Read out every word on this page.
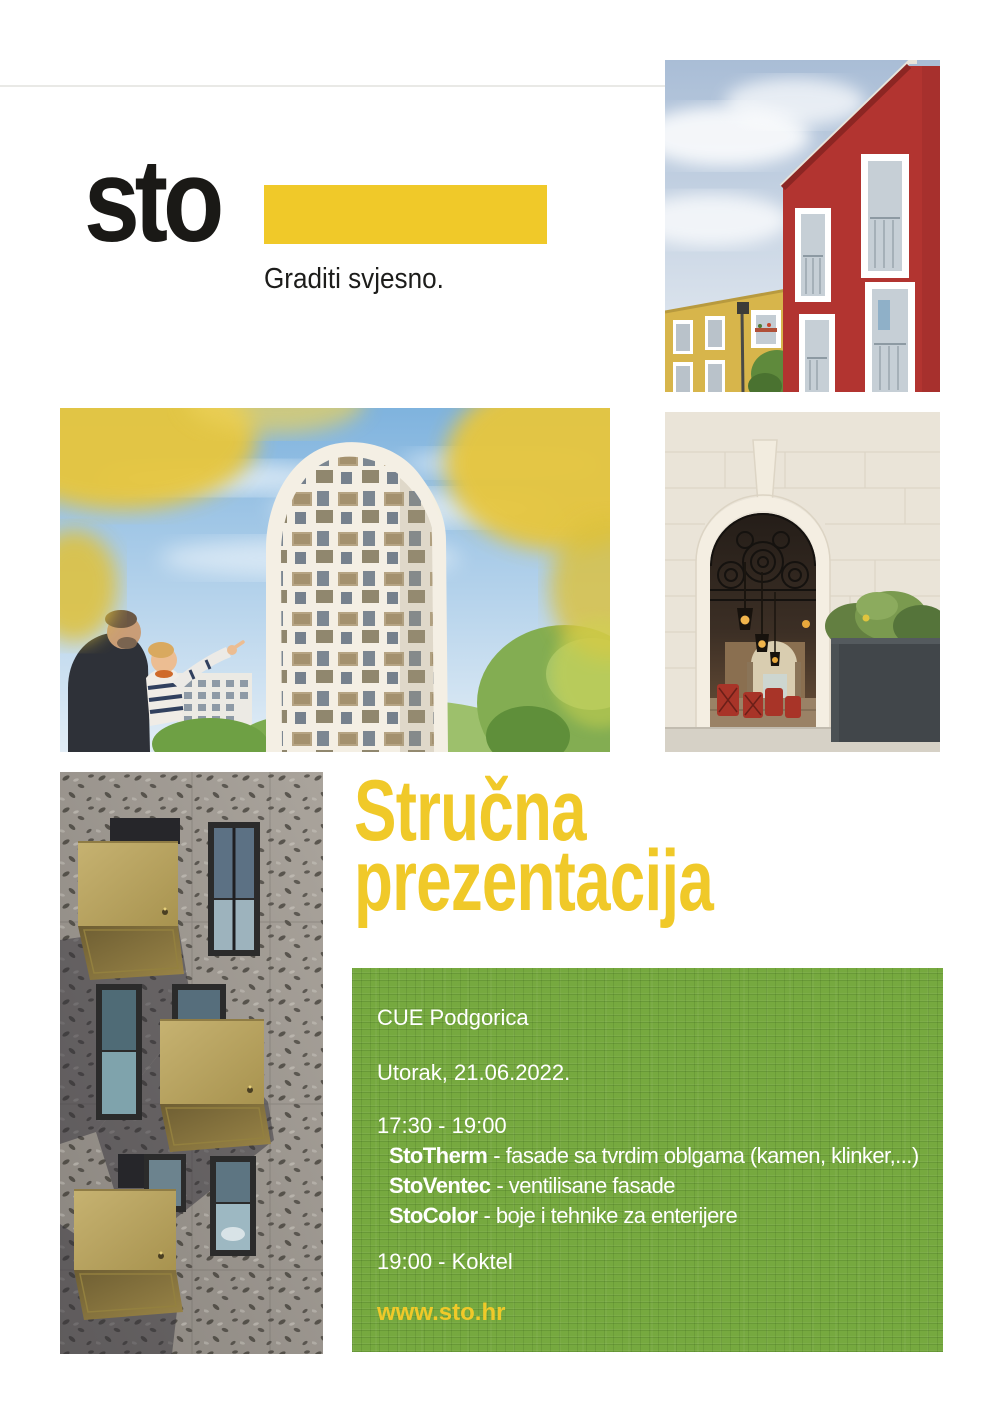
sto
Graditi svjesno.
Stručna
prezentacija
CUE Podgorica
Utorak, 21.06.2022.
17:30 - 19:00
StoTherm - fasade sa tvrdim oblgama (kamen, klinker,...)
StoVentec - ventilisane fasade
StoColor - boje i tehnike za enterijere
19:00 - Koktel
www.sto.hr
